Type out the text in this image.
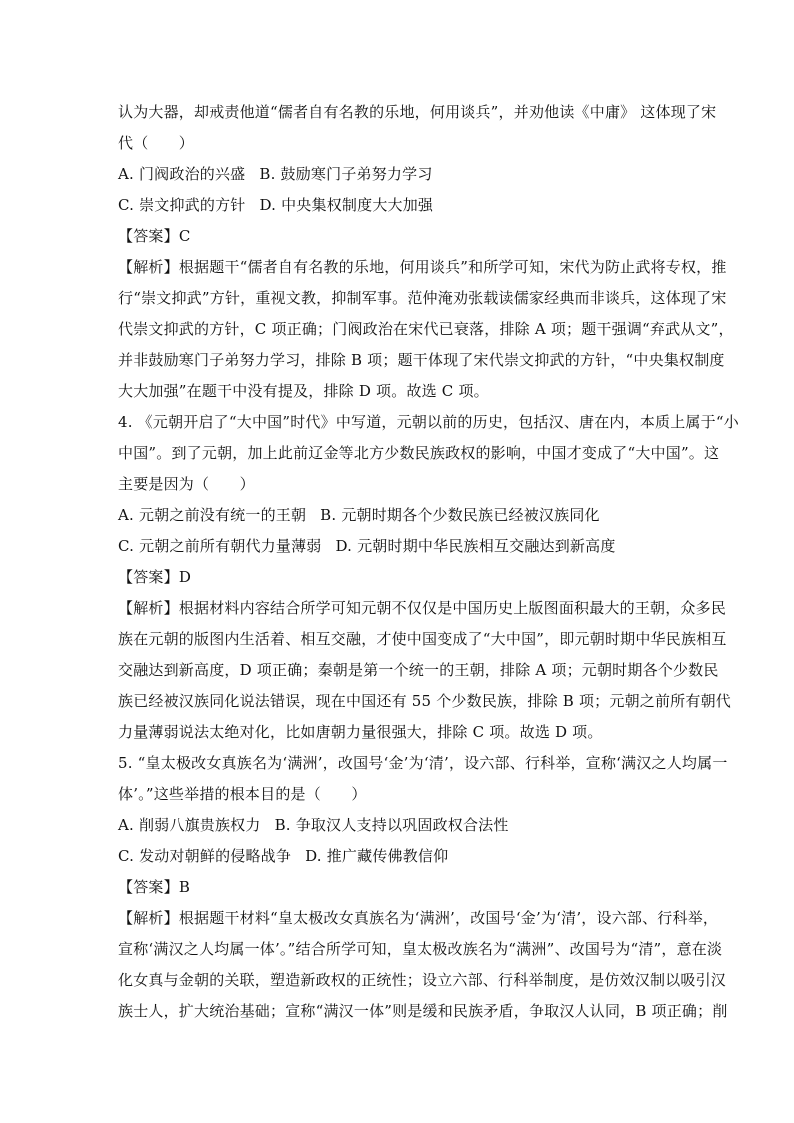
认为大器，却戒责他道“儒者自有名教的乐地，何用谈兵”，并劝他读《中庸》 这体现了宋
代（　　）
A. 门阀政治的兴盛 B. 鼓励寒门子弟努力学习
C. 崇文抑武的方针 D. 中央集权制度大大加强
【答案】C
【解析】根据题干“儒者自有名教的乐地，何用谈兵”和所学可知，宋代为防止武将专权，推
行“崇文抑武”方针，重视文教，抑制军事。范仲淹劝张载读儒家经典而非谈兵，这体现了宋
代崇文抑武的方针，C 项正确；门阀政治在宋代已衰落，排除 A 项；题干强调“弃武从文”，
并非鼓励寒门子弟努力学习，排除 B 项；题干体现了宋代崇文抑武的方针，“中央集权制度
大大加强”在题干中没有提及，排除 D 项。故选 C 项。
4. 《元朝开启了“大中国”时代》中写道，元朝以前的历史，包括汉、唐在内，本质上属于“小
中国”。到了元朝，加上此前辽金等北方少数民族政权的影响，中国才变成了“大中国”。这
主要是因为（　　）
A. 元朝之前没有统一的王朝 B. 元朝时期各个少数民族已经被汉族同化
C. 元朝之前所有朝代力量薄弱 D. 元朝时期中华民族相互交融达到新高度
【答案】D
【解析】根据材料内容结合所学可知元朝不仅仅是中国历史上版图面积最大的王朝，众多民
族在元朝的版图内生活着、相互交融，才使中国变成了“大中国”，即元朝时期中华民族相互
交融达到新高度，D 项正确；秦朝是第一个统一的王朝，排除 A 项；元朝时期各个少数民
族已经被汉族同化说法错误，现在中国还有 55 个少数民族，排除 B 项；元朝之前所有朝代
力量薄弱说法太绝对化，比如唐朝力量很强大，排除 C 项。故选 D 项。
5. “皇太极改女真族名为‘满洲’，改国号‘金’为‘清’，设六部、行科举，宣称‘满汉之人均属一
体’。”这些举措的根本目的是（　　）
A. 削弱八旗贵族权力 B. 争取汉人支持以巩固政权合法性
C. 发动对朝鲜的侵略战争 D. 推广藏传佛教信仰
【答案】B
【解析】根据题干材料“皇太极改女真族名为‘满洲’，改国号‘金’为‘清’，设六部、行科举，
宣称‘满汉之人均属一体’。”结合所学可知，皇太极改族名为“满洲”、改国号为“清”，意在淡
化女真与金朝的关联，塑造新政权的正统性；设立六部、行科举制度，是仿效汉制以吸引汉
族士人，扩大统治基础；宣称“满汉一体”则是缓和民族矛盾，争取汉人认同，B 项正确；削
